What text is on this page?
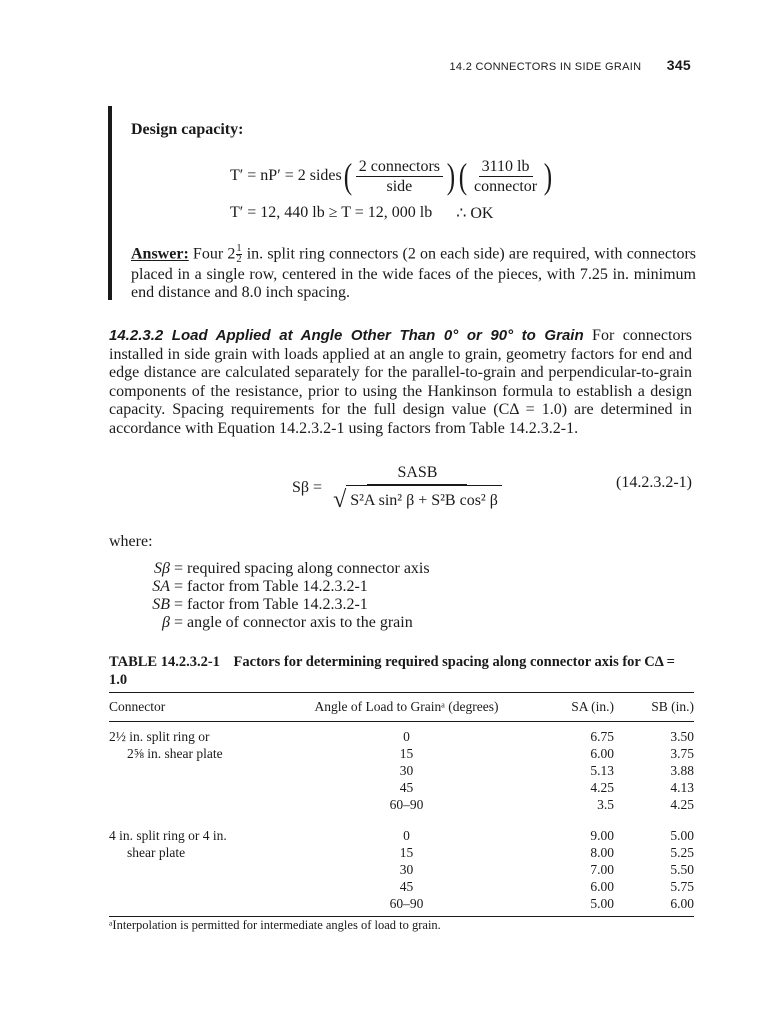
14.2 CONNECTORS IN SIDE GRAIN 345
Design capacity:
T′ = nP′ = 2 sides ( $\frac{\text{2 connectors}}{\text{side}}$ ) ( $\frac{3110 lb}{\text{connector}}$ )
T′ = 12, 440 lb ≥ T = 12, 000 lb ∴ OK
Answer: Four $2 \frac{1}{2}$ in. split ring connectors (2 on each side) are required, with connectors placed in a single row, centered in the wide faces of the pieces, with 7.25 in. minimum end distance and 8.0 inch spacing.
14.2.3.2 Load Applied at Angle Other Than 0° or 90° to Grain For connectors installed in side grain with loads applied at an angle to grain, geometry factors for end and edge distance are calculated separately for the parallel-to-grain and perpendicular-to-grain components of the resistance, prior to using the Hankinson formula to establish a design capacity. Spacing requirements for the full design value (CΔ = 1.0) are determined in accordance with Equation 14.2.3.2-1 using factors from Table 14.2.3.2-1.
$S\beta = \frac{\text{SASB}}{\text{√ S²A sin² β + S²B cos² β}}$	(14.2.3.2-1)
where:
Sβ = required spacing along connector axis
SA = factor from Table 14.2.3.2-1
SB = factor from Table 14.2.3.2-1
β = angle of connector axis to the grain
TABLE 14.2.3.2-1 Factors for determining required spacing along connector axis for CΔ = 1.0
Connector	Angle of Load to Grainᵃ (degrees)	SA (in.)	SB (in.)
2½ in. split ring or	0	6.75	3.50
2⅝ in. shear plate	15	6.00	3.75
	30	5.13	3.88
	45	4.25	4.13
	60–90	3.5	4.25

4 in. split ring or 4 in.	0	9.00	5.00
shear plate	15	8.00	5.25
	30	7.00	5.50
	45	6.00	5.75
	60–90	5.00	6.00
ᵃInterpolation is permitted for intermediate angles of load to grain.
